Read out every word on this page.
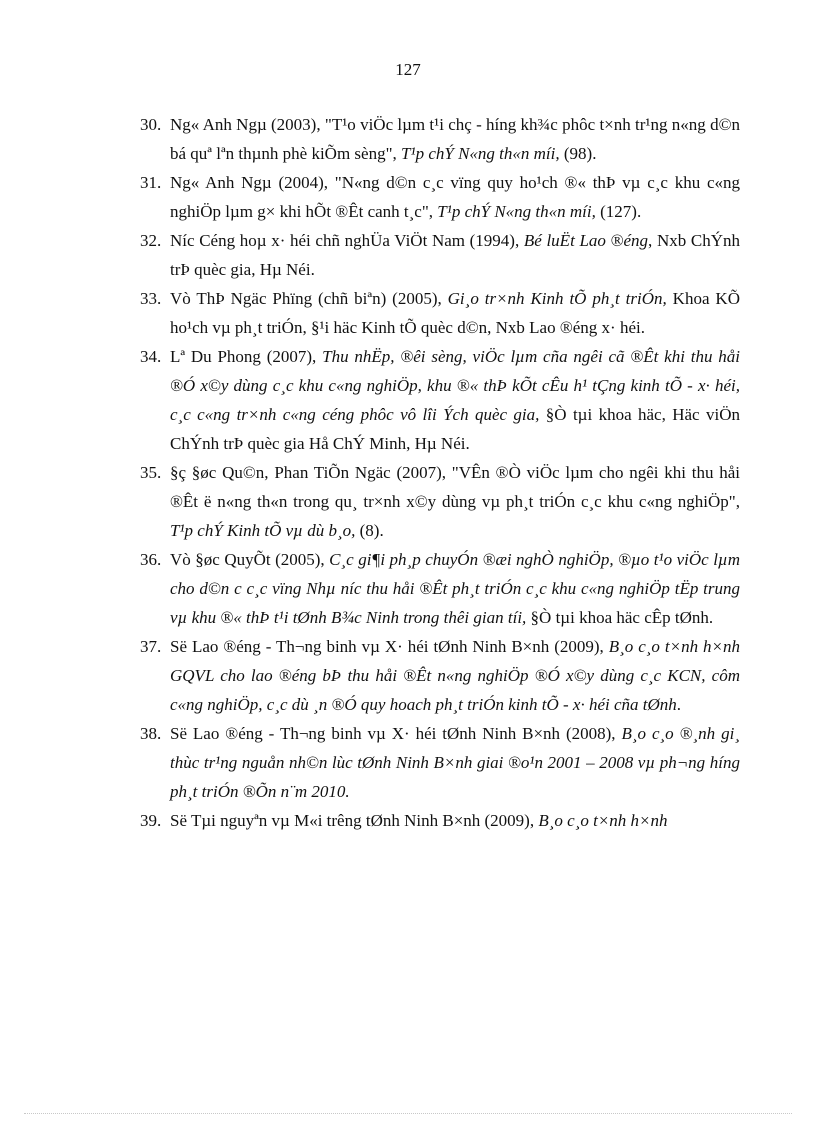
127
30. Ng« Anh Ngµ (2003), "T¹o viÖc lµm t¹i chç - híng kh¾c phôc t×nh tr¹ng n«ng d©n bá quª lªn thµnh phè kiÕm sèng", T¹p chÝ N«ng th«n míi, (98).
31. Ng« Anh Ngµ (2004), "N«ng d©n c¸c vïng quy ho¹ch ®« thÞ vµ c¸c khu c«ng nghiÖp lµm g× khi hÕt ®Êt canh t¸c", T¹p chÝ N«ng th«n míi, (127).
32. Níc Céng hoµ x· héi chñ nghÜa ViÖt Nam (1994), Bé luËt Lao ®éng, Nxb ChÝnh trÞ quèc gia, Hµ Néi.
33. Vò ThÞ Ngäc Phïng (chñ biªn) (2005), Gi¸o tr×nh Kinh tÕ ph¸t triÓn, Khoa KÕ ho¹ch vµ ph¸t triÓn, §¹i häc Kinh tÕ quèc d©n, Nxb Lao ®éng x· héi.
34. Lª Du Phong (2007), Thu nhËp, ®êi sèng, viÖc lµm cña ngêi cã ®Êt khi thu håi ®Ó x©y dùng c¸c khu c«ng nghiÖp, khu ®« thÞ kÕt cÊu h¹ tÇng kinh tÕ - x· héi, c¸c c«ng tr×nh c«ng céng phôc vô lîi Ých quèc gia, §Ò tµi khoa häc, Häc viÖn ChÝnh trÞ quèc gia Hå ChÝ Minh, Hµ Néi.
35. §ç §øc Qu©n, Phan TiÕn Ngäc (2007), "VÊn ®Ò viÖc lµm cho ngêi khi thu håi ®Êt ë n«ng th«n trong qu¸ tr×nh x©y dùng vµ ph¸t triÓn c¸c khu c«ng nghiÖp", T¹p chÝ Kinh tÕ vµ dù b¸o, (8).
36. Vò §øc QuyÕt (2005), C¸c gi¶i ph¸p chuyÓn ®æi nghÒ nghiÖp, ®µo t¹o viÖc lµm cho d©n c c¸c vïng Nhµ níc thu håi ®Êt ph¸t triÓn c¸c khu c«ng nghiÖp tËp trung vµ khu ®« thÞ t¹i tØnh B¾c Ninh trong thêi gian tíi, §Ò tµi khoa häc cÊp tØnh.
37. Së Lao ®éng - Th¬ng binh vµ X· héi tØnh Ninh B×nh (2009), B¸o c¸o t×nh h×nh GQVL cho lao ®éng bÞ thu håi ®Êt n«ng nghiÖp ®Ó x©y dùng c¸c KCN, côm c«ng nghiÖp, c¸c dù ¸n ®Ó quy hoach ph¸t triÓn kinh tÕ - x· héi cña tØnh.
38. Së Lao ®éng - Th¬ng binh vµ X· héi tØnh Ninh B×nh (2008), B¸o c¸o ®¸nh gi¸ thùc tr¹ng nguån nh©n lùc tØnh Ninh B×nh giai ®o¹n 2001 – 2008 vµ ph¬ng híng ph¸t triÓn ®Õn n¨m 2010.
39. Së Tµi nguyªn vµ M«i trêng tØnh Ninh B×nh (2009), B¸o c¸o t×nh h×nh
